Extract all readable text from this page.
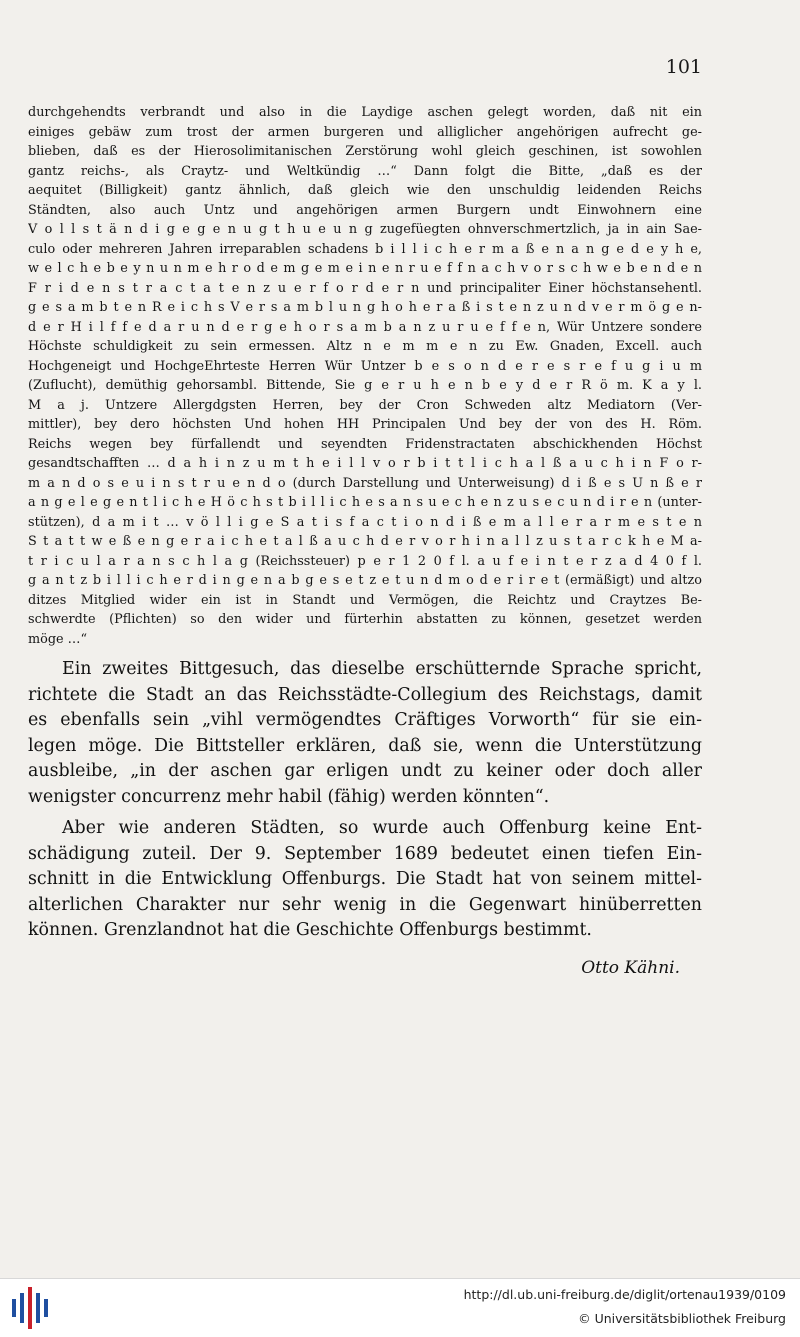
101
durchgehendts verbrandt und also in die Laydige aschen gelegt worden, daß nit ein
einiges gebäw zum trost der armen burgeren und alliglicher angehörigen aufrecht ge-
blieben, daß es der Hierosolimitanischen Zerstörung wohl gleich geschinen, ist sowohlen
gantz reichs-, als Craytz- und Weltkündig …“ Dann folgt die Bitte, „daß es der
aequitet (Billigkeit) gantz ähnlich, daß gleich wie den unschuldig leidenden Reichs
Ständten, also auch Untz und angehörigen armen Burgern undt Einwohnern eine
V o l l s t ä n d i g e g e n u g t h u e u n g zugefüegten ohnverschmertzlich, ja in ain Sae-
culo oder mehreren Jahren irreparablen schadens b i l l i c h e r m a ß e n a n g e d e y h e,
w e l c h e b e y n u n m e h r o d e m g e m e i n e n r u e f f n a c h v o r s c h w e b e n d e n
F r i d e n s t r a c t a t e n z u e r f o r d e r n und principaliter Einer höchstansehentl.
g e s a m b t e n R e i c h s V e r s a m b l u n g h o h e r a ß i s t e n z u n d v e r m ö g e n-
d e r H i l f f e d a r u n d e r g e h o r s a m b a n z u r u e f f e n, Wür Untzere sondere
Höchste schuldigkeit zu sein ermessen. Altz n e m m e n zu Ew. Gnaden, Excell. auch
Hochgeneigt und HochgeEhrteste Herren Wür Untzer b e s o n d e r e s r e f u g i u m
(Zuflucht), demüthig gehorsambl. Bittende, Sie g e r u h e n b e y d e r R ö m. K a y l.
M a j. Untzere Allergdgsten Herren, bey der Cron Schweden altz Mediatorn (Ver-
mittler), bey dero höchsten Und hohen HH Principalen Und bey der von des H. Röm.
Reichs wegen bey fürfallendt und seyendten Fridenstractaten abschickhenden Höchst
gesandtschafften … d a h i n z u m t h e i l l v o r b i t t l i c h a l ß a u c h i n F o r-
m a n d o s e u i n s t r u e n d o (durch Darstellung und Unterweisung) d i ß e s U n ß e r
a n g e l e g e n t l i c h e H ö c h s t b i l l i c h e s a n s u e c h e n z u s e c u n d i r e n (unter-
stützen), d a m i t … v ö l l i g e S a t i s f a c t i o n d i ß e m a l l e r a r m e s t e n
S t a t t w e ß e n g e r a i c h e t a l ß a u c h d e r v o r h i n a l l z u s t a r c k h e M a-
t r i c u l a r a n s c h l a g (Reichssteuer) p e r 1 2 0 f l. a u f e i n t e r z a d 4 0 f l.
g a n t z b i l l i c h e r d i n g e n a b g e s e t z e t u n d m o d e r i r e t (ermäßigt) und altzo
ditzes Mitglied wider ein ist in Standt und Vermögen, die Reichtz und Craytzes Be-
schwerdte (Pflichten) so den wider und fürterhin abstatten zu können, gesetzet werden
möge …“
Ein zweites Bittgesuch, das dieselbe erschütternde Sprache spricht,
richtete die Stadt an das Reichsstädte-Collegium des Reichstags, damit
es ebenfalls sein „vihl vermögendtes Cräftiges Vorworth“ für sie ein-
legen möge. Die Bittsteller erklären, daß sie, wenn die Unterstützung
ausbleibe, „in der aschen gar erligen undt zu keiner oder doch aller
wenigster concurrenz mehr habil (fähig) werden könnten“.
Aber wie anderen Städten, so wurde auch Offenburg keine Ent-
schädigung zuteil. Der 9. September 1689 bedeutet einen tiefen Ein-
schnitt in die Entwicklung Offenburgs. Die Stadt hat von seinem mittel-
alterlichen Charakter nur sehr wenig in die Gegenwart hinüberretten
können. Grenzlandnot hat die Geschichte Offenburgs bestimmt.
Otto Kähni.
http://dl.ub.uni-freiburg.de/diglit/ortenau1939/0109
© Universitätsbibliothek Freiburg
